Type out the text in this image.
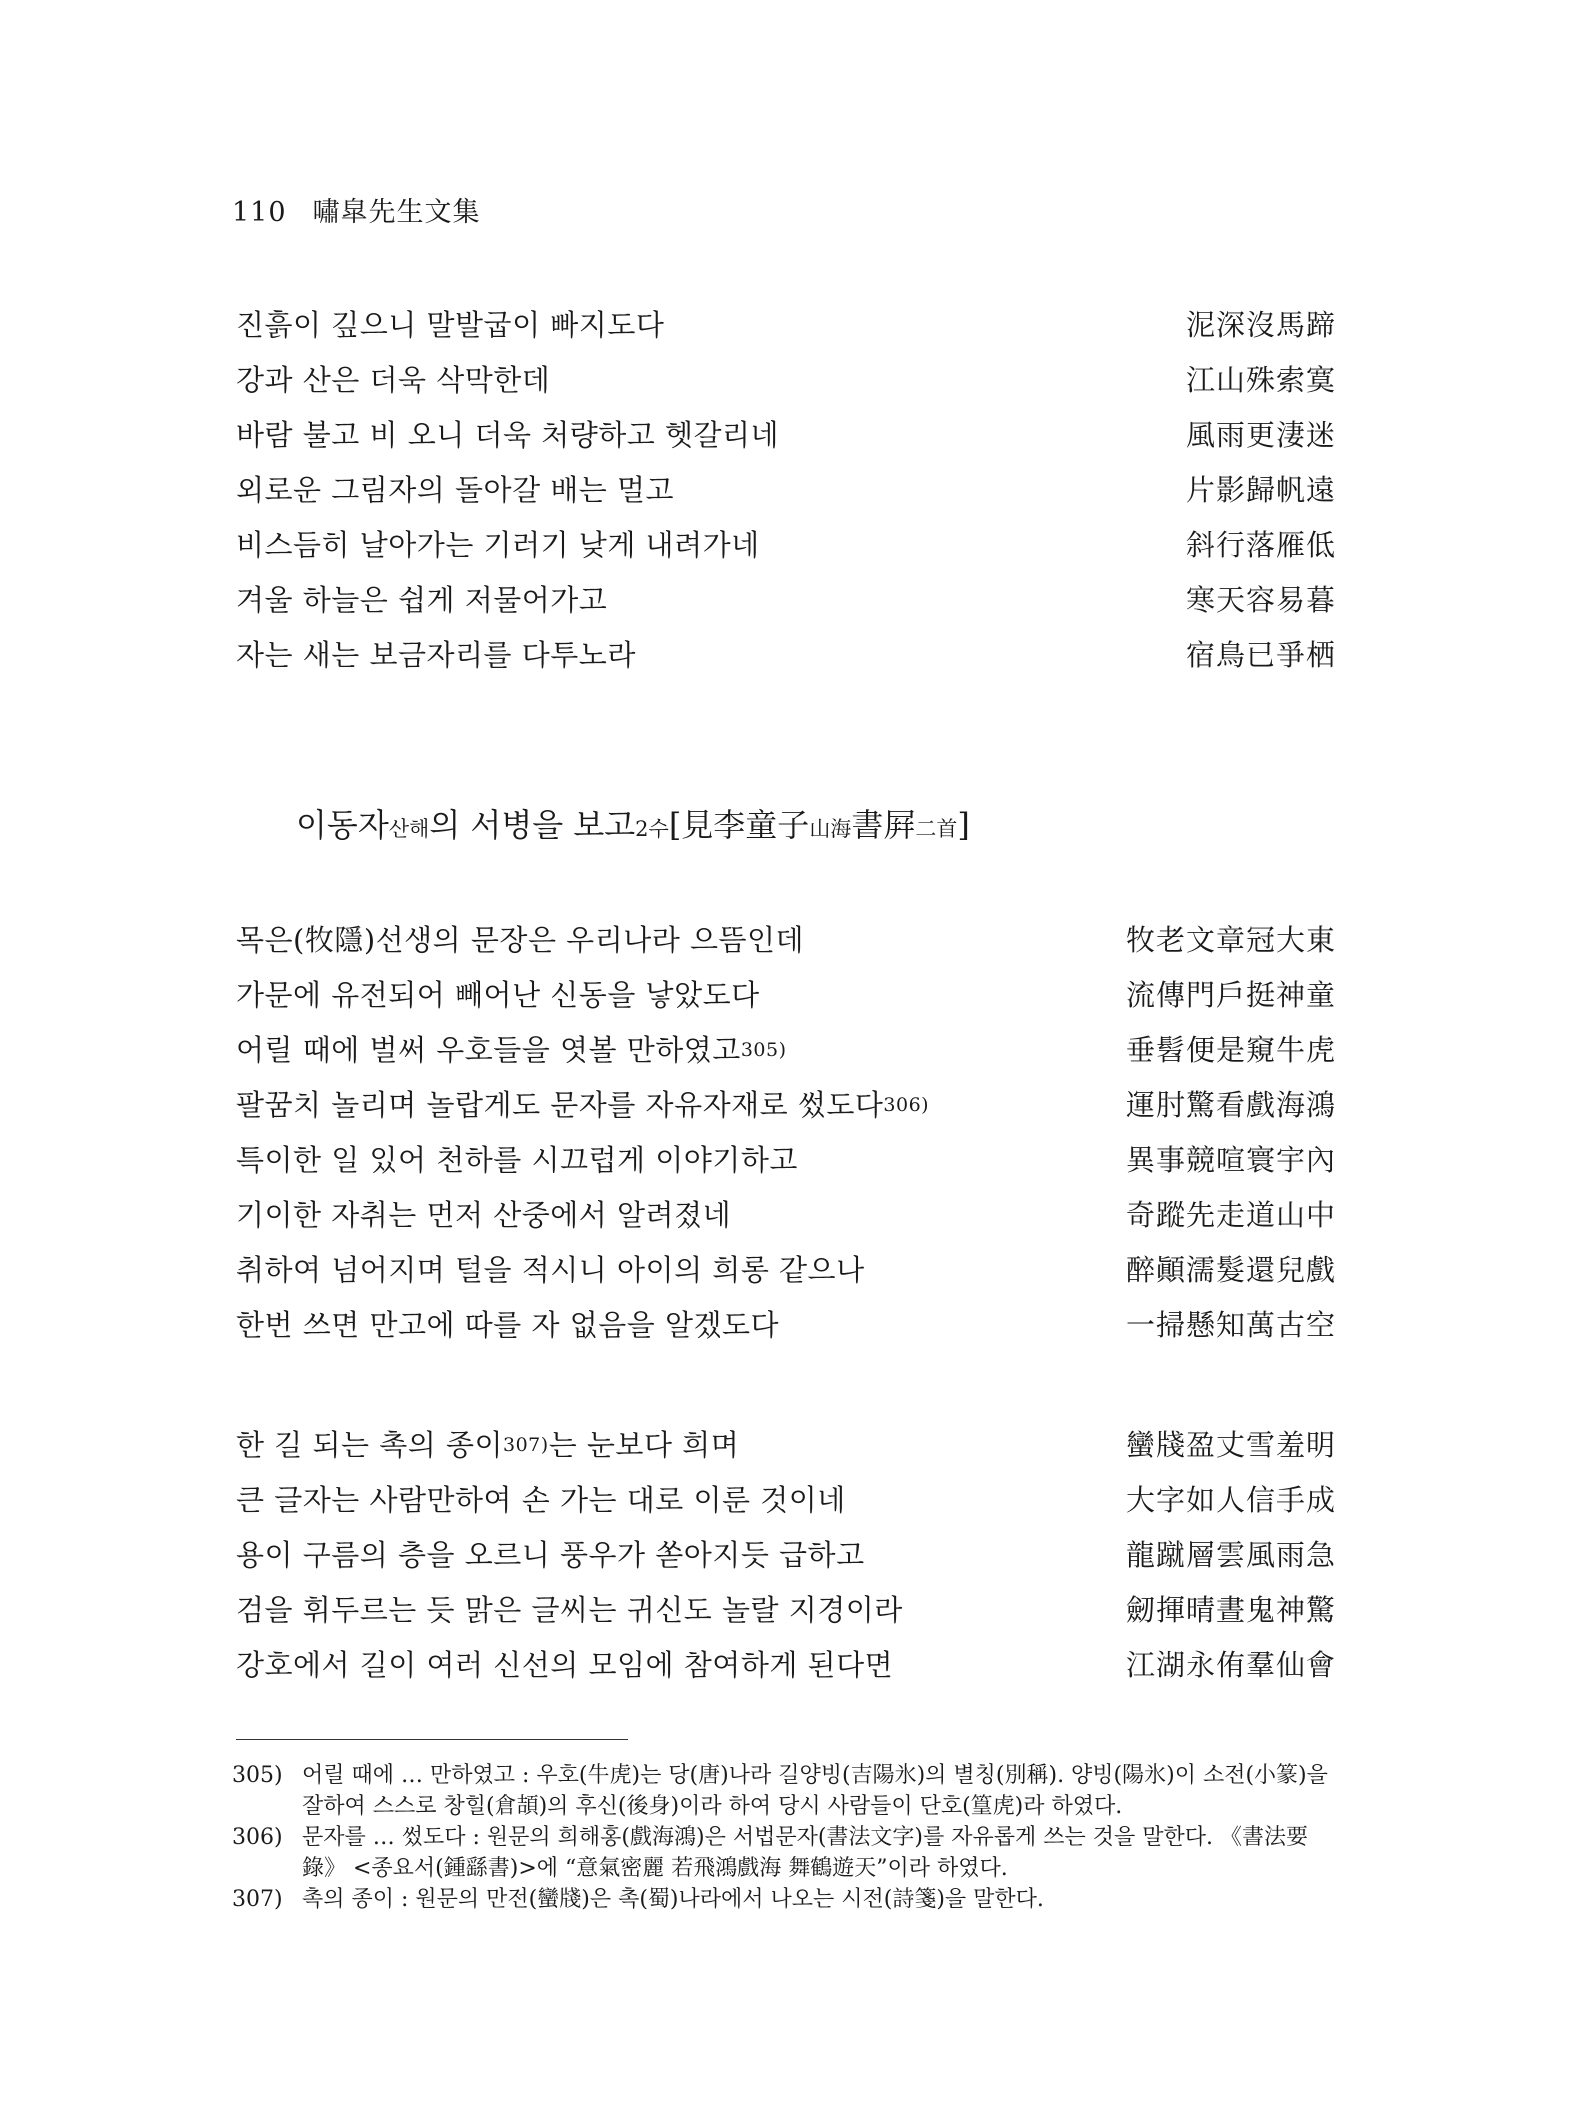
110 嘯皐先生文集
진흙이 깊으니 말발굽이 빠지도다	泥深沒馬蹄
강과 산은 더욱 삭막한데	江山殊索寞
바람 불고 비 오니 더욱 처량하고 헷갈리네	風雨更淒迷
외로운 그림자의 돌아갈 배는 멀고	片影歸帆遠
비스듬히 날아가는 기러기 낮게 내려가네	斜行落雁低
겨울 하늘은 쉽게 저물어가고	寒天容易暮
자는 새는 보금자리를 다투노라	宿鳥已爭栖
이동자산해의 서병을 보고2수[見李童子山海書屛二首]
목은(牧隱)선생의 문장은 우리나라 으뜸인데	牧老文章冠大東
가문에 유전되어 빼어난 신동을 낳았도다	流傳門戶挺神童
어릴 때에 벌써 우호들을 엿볼 만하였고$^{305)}$	垂髫便是窺牛虎
팔꿈치 놀리며 놀랍게도 문자를 자유자재로 썼도다$^{306)}$	運肘驚看戲海鴻
특이한 일 있어 천하를 시끄럽게 이야기하고	異事競喧寰宇內
기이한 자취는 먼저 산중에서 알려졌네	奇蹤先走道山中
취하여 넘어지며 털을 적시니 아이의 희롱 같으나	醉顚濡髮還兒戲
한번 쓰면 만고에 따를 자 없음을 알겠도다	一掃懸知萬古空
한 길 되는 촉의 종이$^{307)}$는 눈보다 희며	蠻牋盈丈雪羞明
큰 글자는 사람만하여 손 가는 대로 이룬 것이네	大字如人信手成
용이 구름의 층을 오르니 풍우가 쏟아지듯 급하고	龍蹴層雲風雨急
검을 휘두르는 듯 맑은 글씨는 귀신도 놀랄 지경이라	劒揮晴晝鬼神驚
강호에서 길이 여러 신선의 모임에 참여하게 된다면	江湖永侑羣仙會
305) 어릴 때에 … 만하였고 : 우호(牛虎)는 당(唐)나라 길양빙(吉陽氷)의 별칭(別稱). 양빙(陽氷)이 소전(小篆)을 잘하여 스스로 창힐(倉頡)의 후신(後身)이라 하여 당시 사람들이 단호(篁虎)라 하였다.
306) 문자를 … 썼도다 : 원문의 희해홍(戲海鴻)은 서법문자(書法文字)를 자유롭게 쓰는 것을 말한다. 《書法要錄》 <종요서(鍾繇書)>에 “意氣密麗 若飛鴻戲海 舞鶴遊天”이라 하였다.
307) 촉의 종이 : 원문의 만전(蠻牋)은 촉(蜀)나라에서 나오는 시전(詩箋)을 말한다.
